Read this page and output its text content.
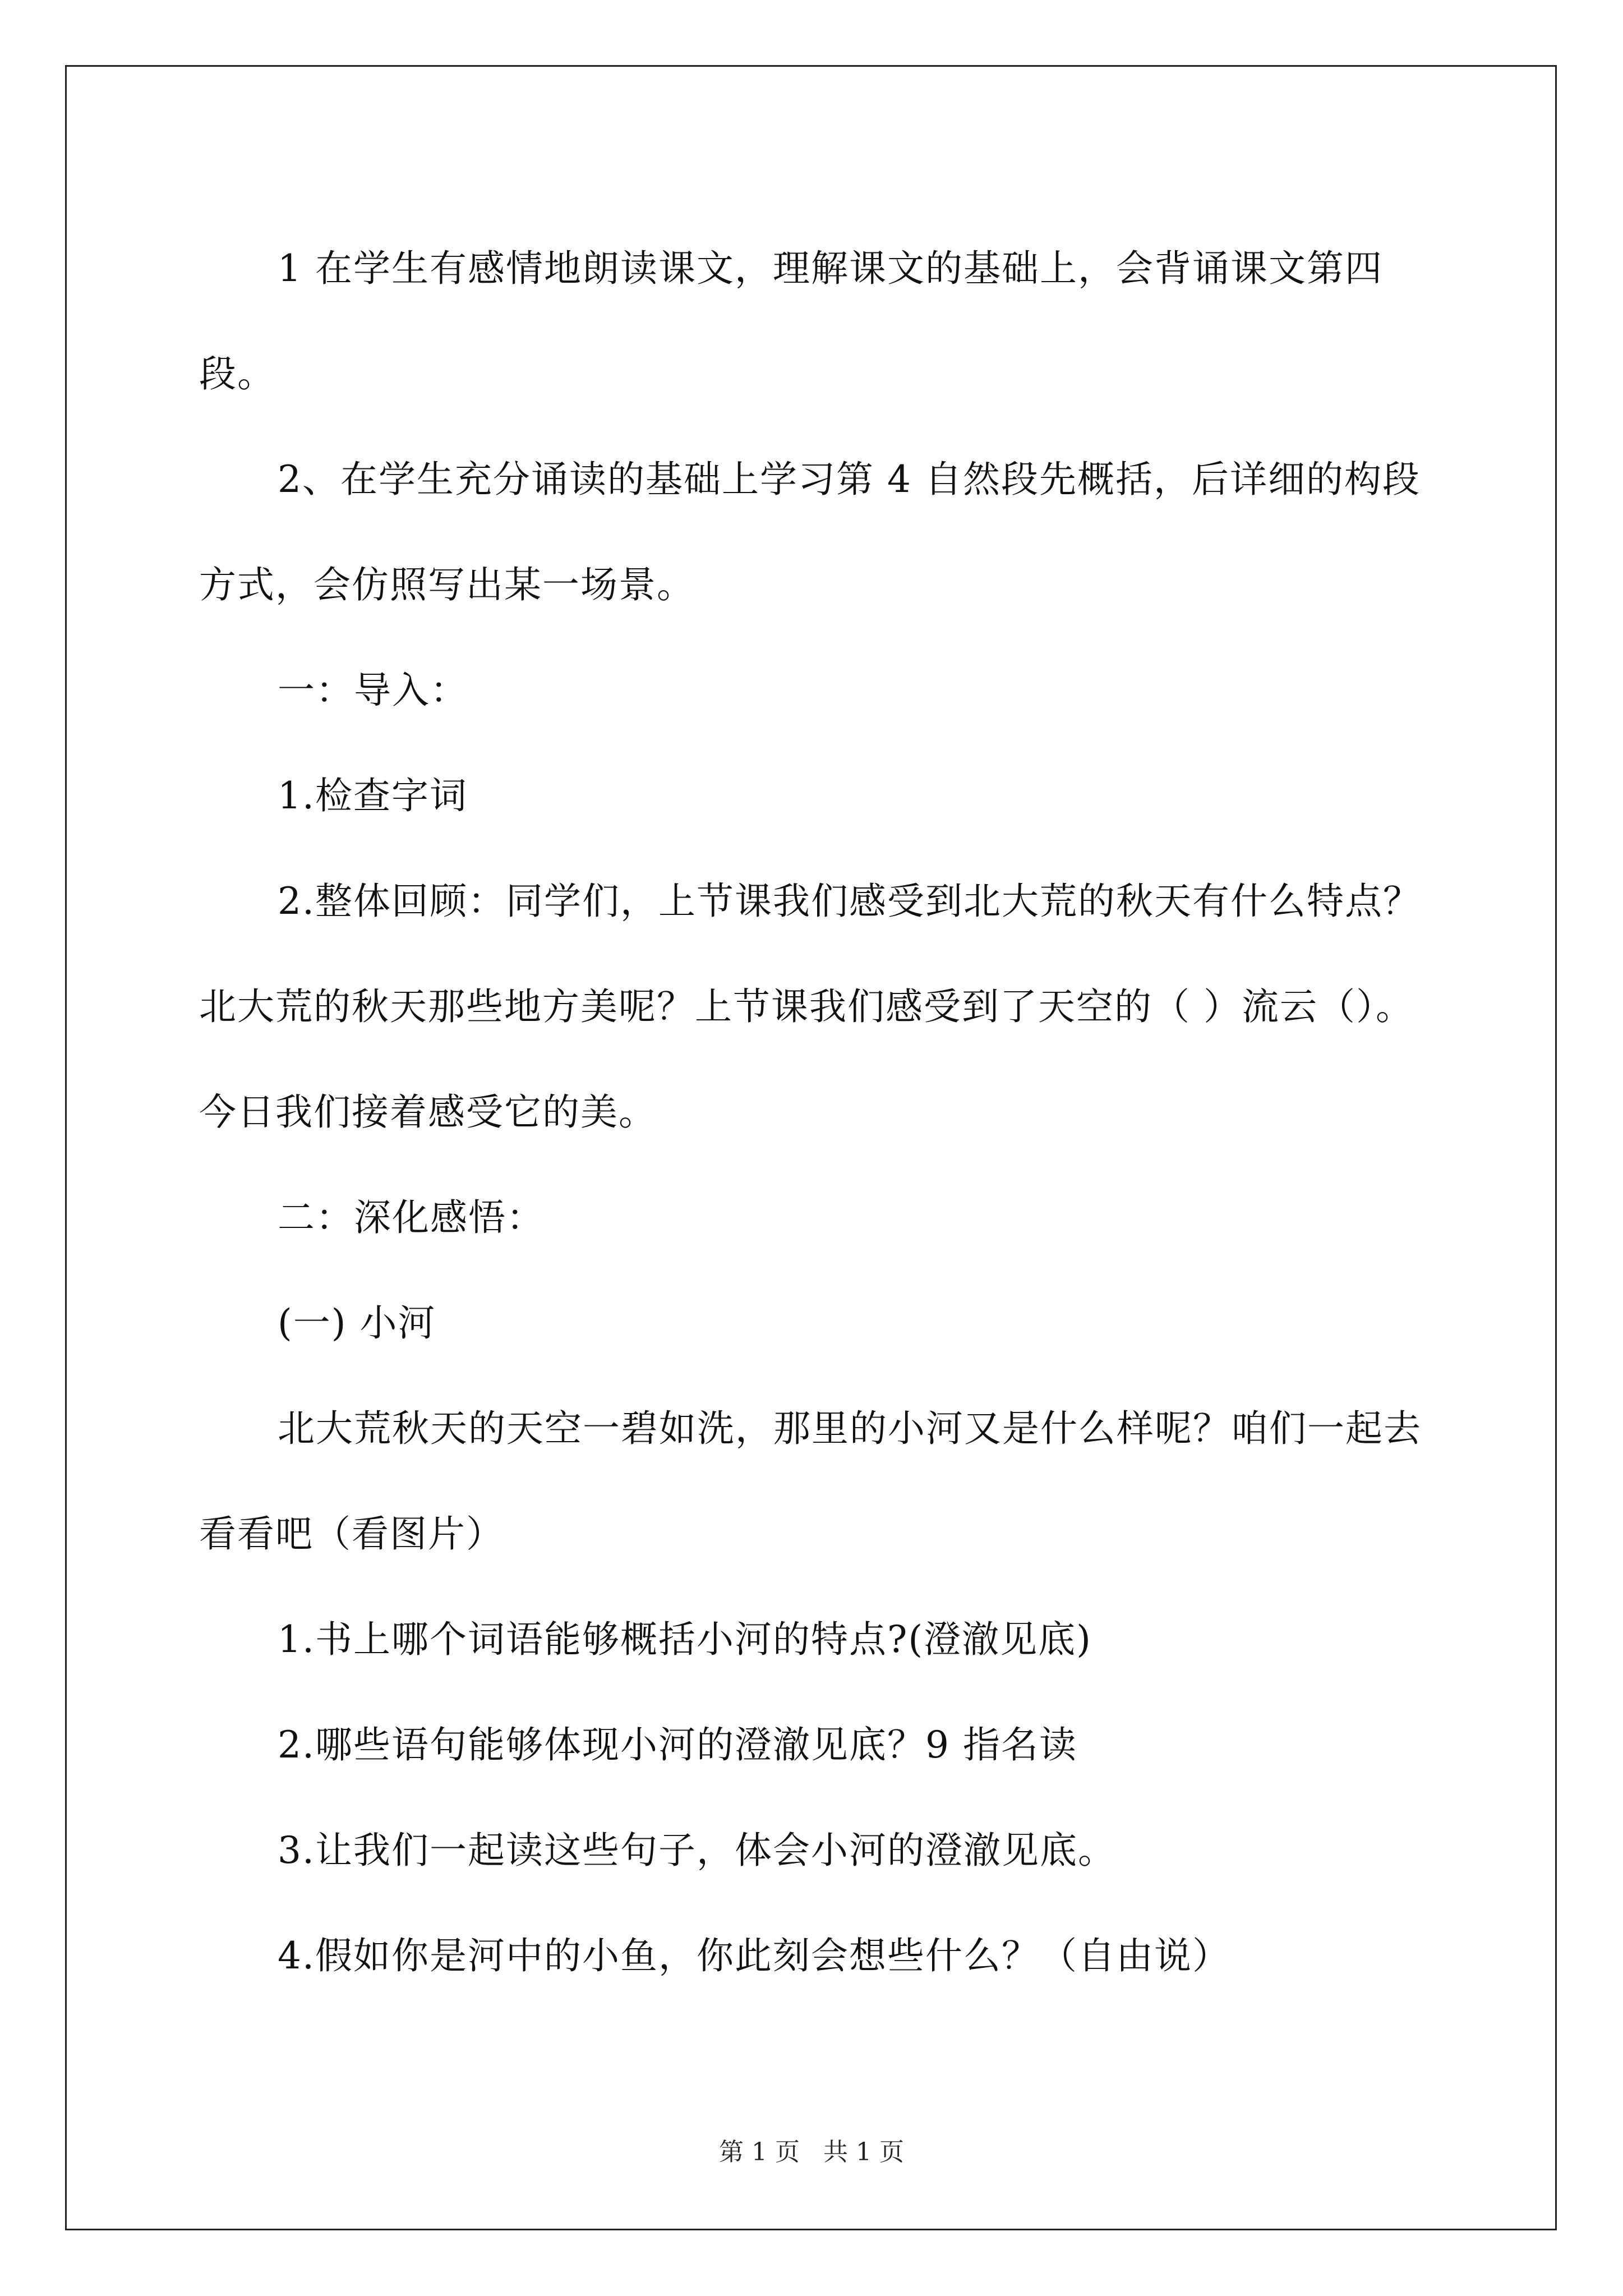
1 在学生有感情地朗读课文，理解课文的基础上，会背诵课文第四段。

2、在学生充分诵读的基础上学习第 4 自然段先概括，后详细的构段方式，会仿照写出某一场景。

一：导入：

1.检查字词

2.整体回顾：同学们，上节课我们感受到北大荒的秋天有什么特点？北大荒的秋天那些地方美呢？上节课我们感受到了天空的（ ）流云（）。今日我们接着感受它的美。

二：深化感悟：

(一) 小河

北大荒秋天的天空一碧如洗，那里的小河又是什么样呢？咱们一起去看看吧（看图片）

1.书上哪个词语能够概括小河的特点?(澄澈见底)

2.哪些语句能够体现小河的澄澈见底？9 指名读

3.让我们一起读这些句子，体会小河的澄澈见底。

4.假如你是河中的小鱼，你此刻会想些什么？（自由说）

第 1 页 共 1 页
